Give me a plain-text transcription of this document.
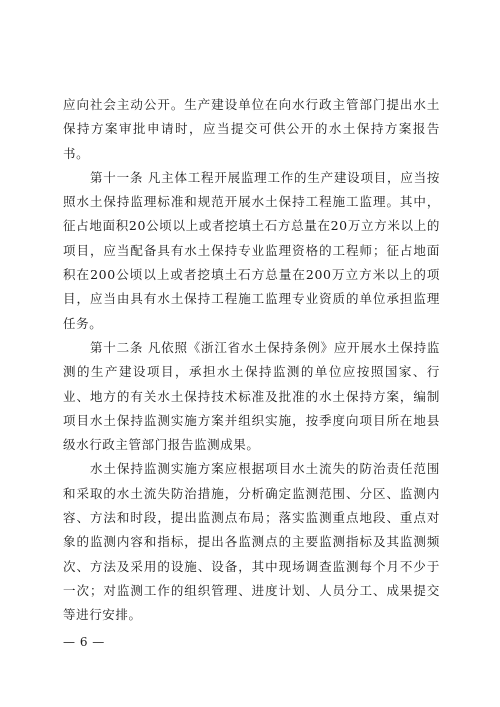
应向社会主动公开。生产建设单位在向水行政主管部门提出水土保持方案审批申请时，应当提交可供公开的水土保持方案报告书。

第十一条 凡主体工程开展监理工作的生产建设项目，应当按照水土保持监理标准和规范开展水土保持工程施工监理。其中，征占地面积20公顷以上或者挖填土石方总量在20万立方米以上的项目，应当配备具有水土保持专业监理资格的工程师；征占地面积在200公顷以上或者挖填土石方总量在200万立方米以上的项目，应当由具有水土保持工程施工监理专业资质的单位承担监理任务。

第十二条 凡依照《浙江省水土保持条例》应开展水土保持监测的生产建设项目，承担水土保持监测的单位应按照国家、行业、地方的有关水土保持技术标准及批准的水土保持方案，编制项目水土保持监测实施方案并组织实施，按季度向项目所在地县级水行政主管部门报告监测成果。

水土保持监测实施方案应根据项目水土流失的防治责任范围和采取的水土流失防治措施，分析确定监测范围、分区、监测内容、方法和时段，提出监测点布局；落实监测重点地段、重点对象的监测内容和指标，提出各监测点的主要监测指标及其监测频次、方法及采用的设施、设备，其中现场调查监测每个月不少于一次；对监测工作的组织管理、进度计划、人员分工、成果提交等进行安排。

— 6 —
